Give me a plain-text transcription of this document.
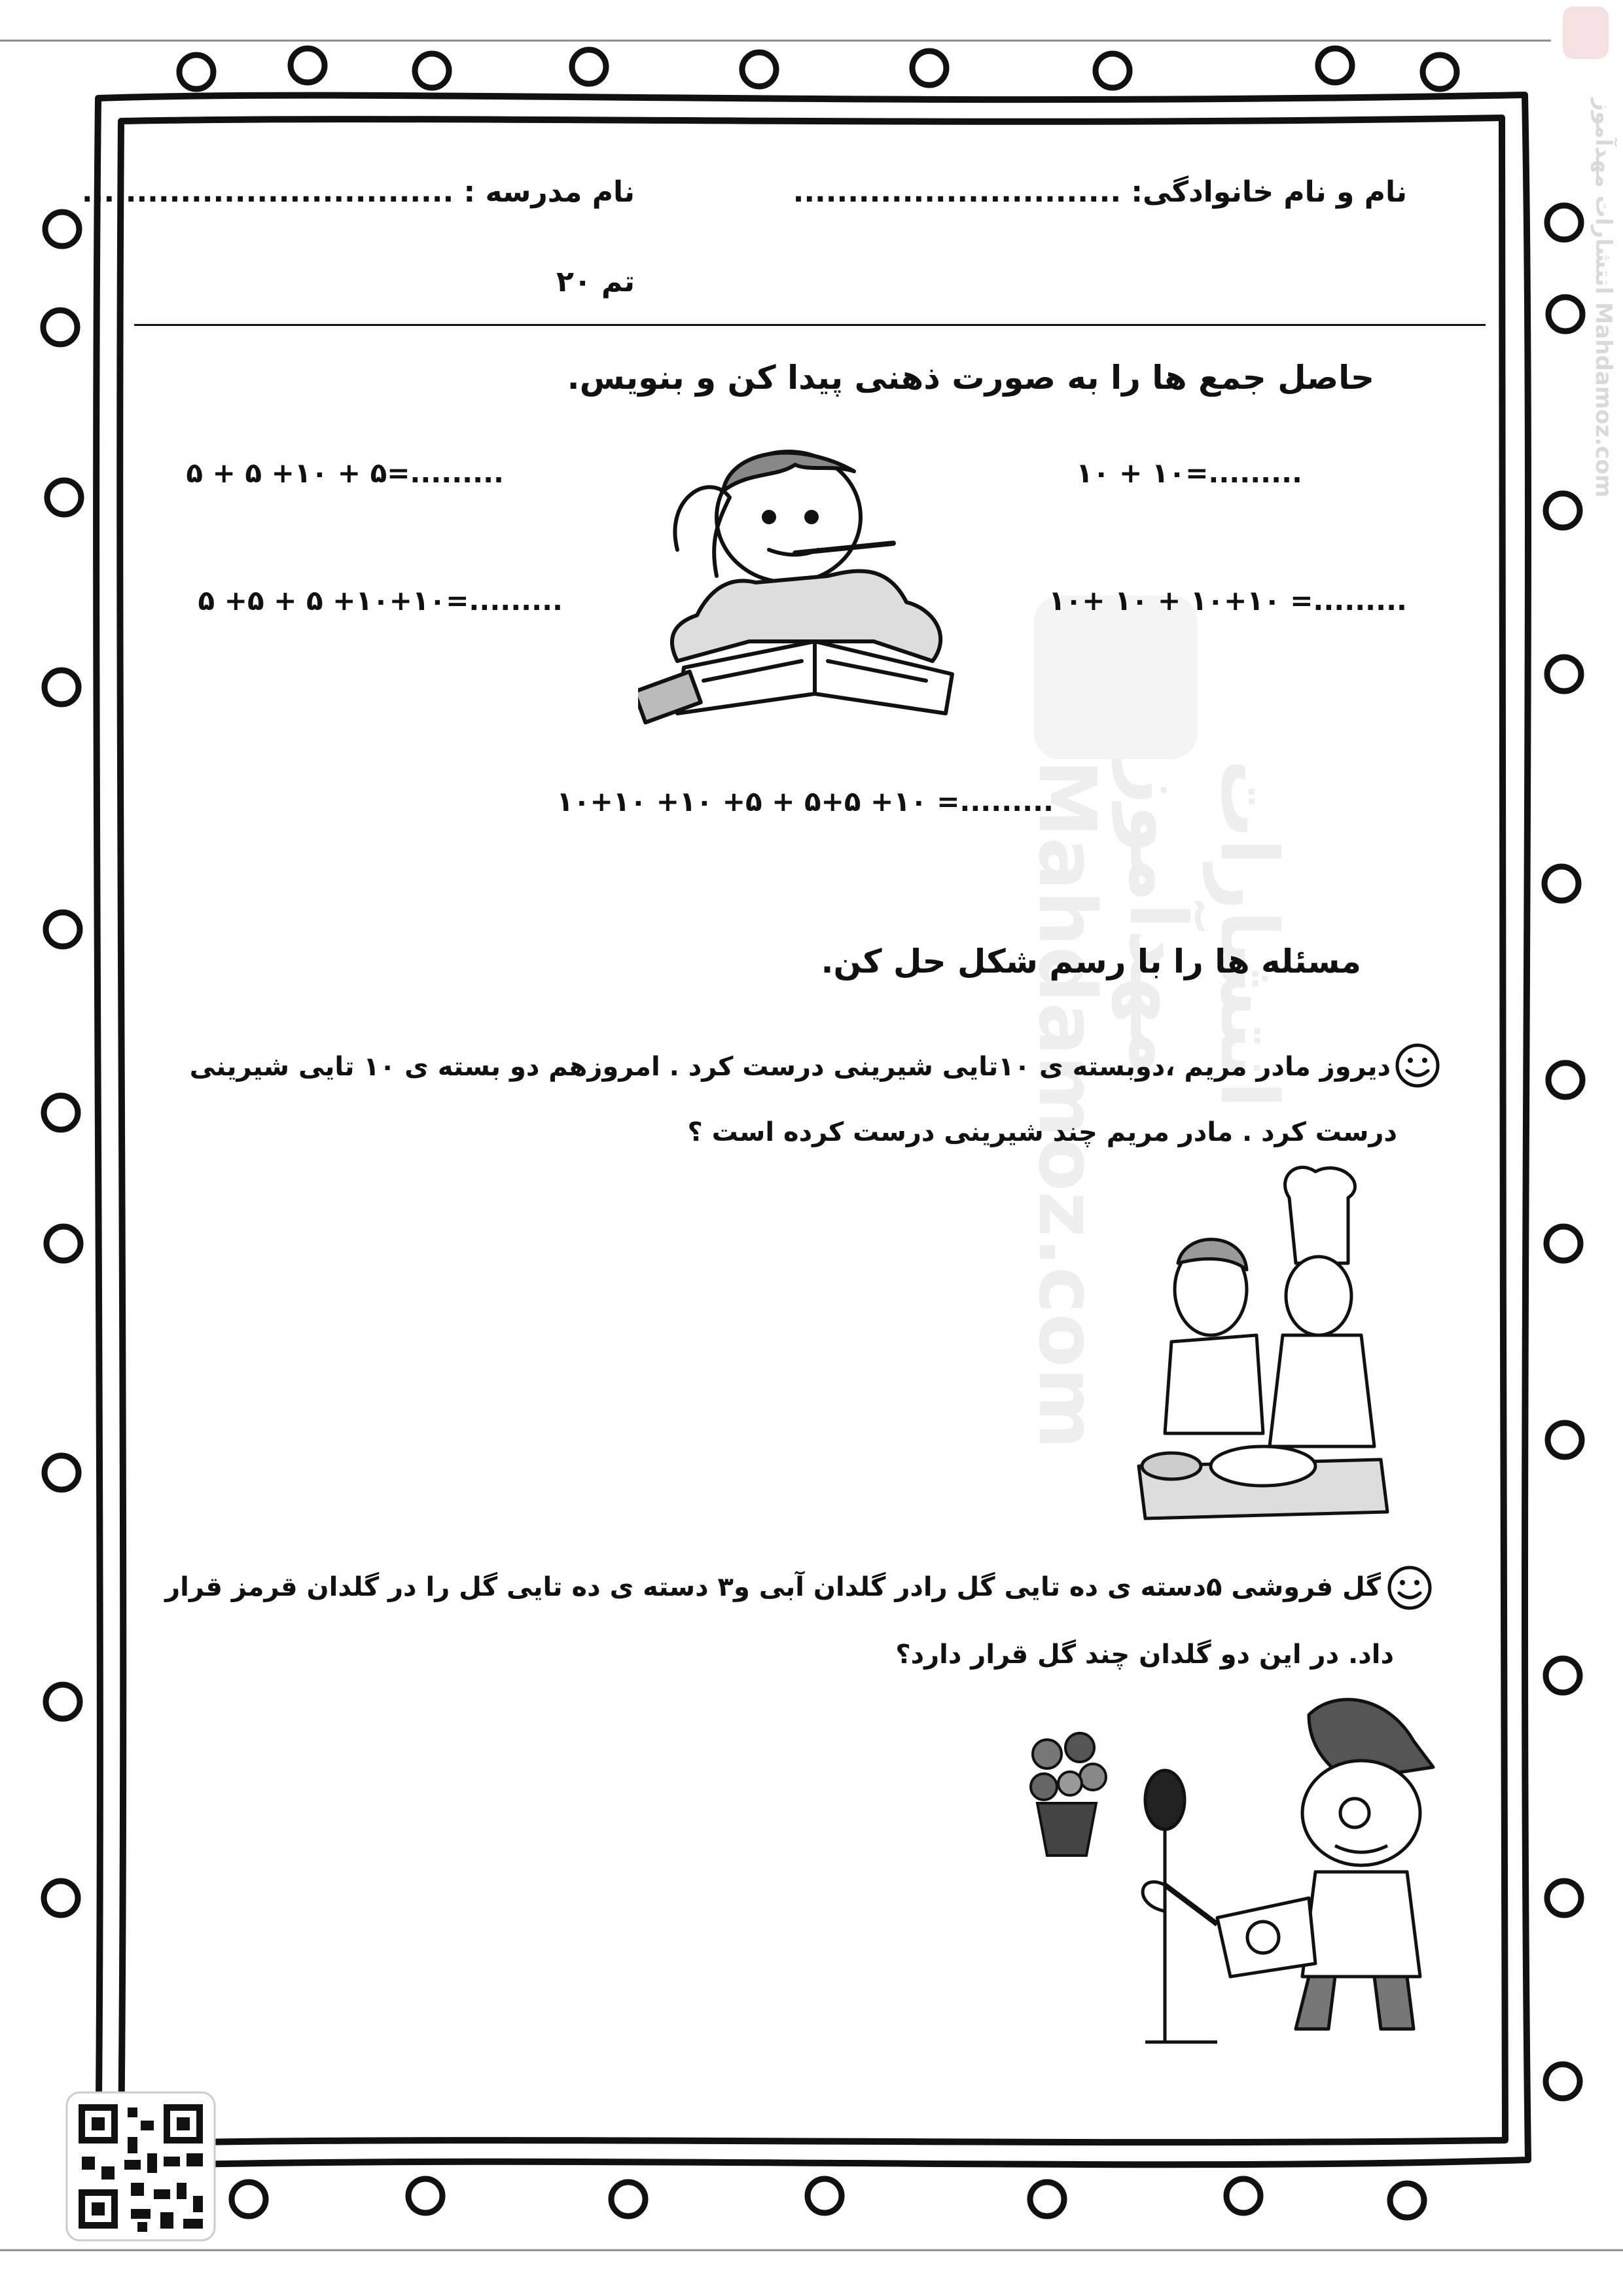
انتشارات مهدآموز Mahdamoz.com
انتشارات مهدآموز Mahdamoz.com
نام و نام خانوادگی: ..............................
نام مدرسه : ..................................
تم ۲۰
حاصل جمع ها را به صورت ذهنی پیدا کن و بنویس.
۱۰ + ۱۰=.........
۵ + ۵ +۱۰ + ۵=.........
۱۰+ ۱۰ + ۱۰+۱۰ =.........
۵ +۵ + ۵ +۱۰+۱۰=.........
۱۰+۱۰ +۱۰ +۵ + ۵+۵ +۱۰ =.........
مسئله ها را با رسم شکل حل کن.
دیروز مادر مریم ،دوبسته ی ۱۰تایی شیرینی درست کرد . امروزهم دو بسته ی ۱۰ تایی شیرینی
درست کرد . مادر مریم چند شیرینی درست کرده است ؟
گل فروشی ۵دسته ی ده تایی گل رادر گلدان آبی و۳ دسته ی ده تایی گل را در گلدان قرمز قرار
داد. در این دو گلدان چند گل قرار دارد؟
